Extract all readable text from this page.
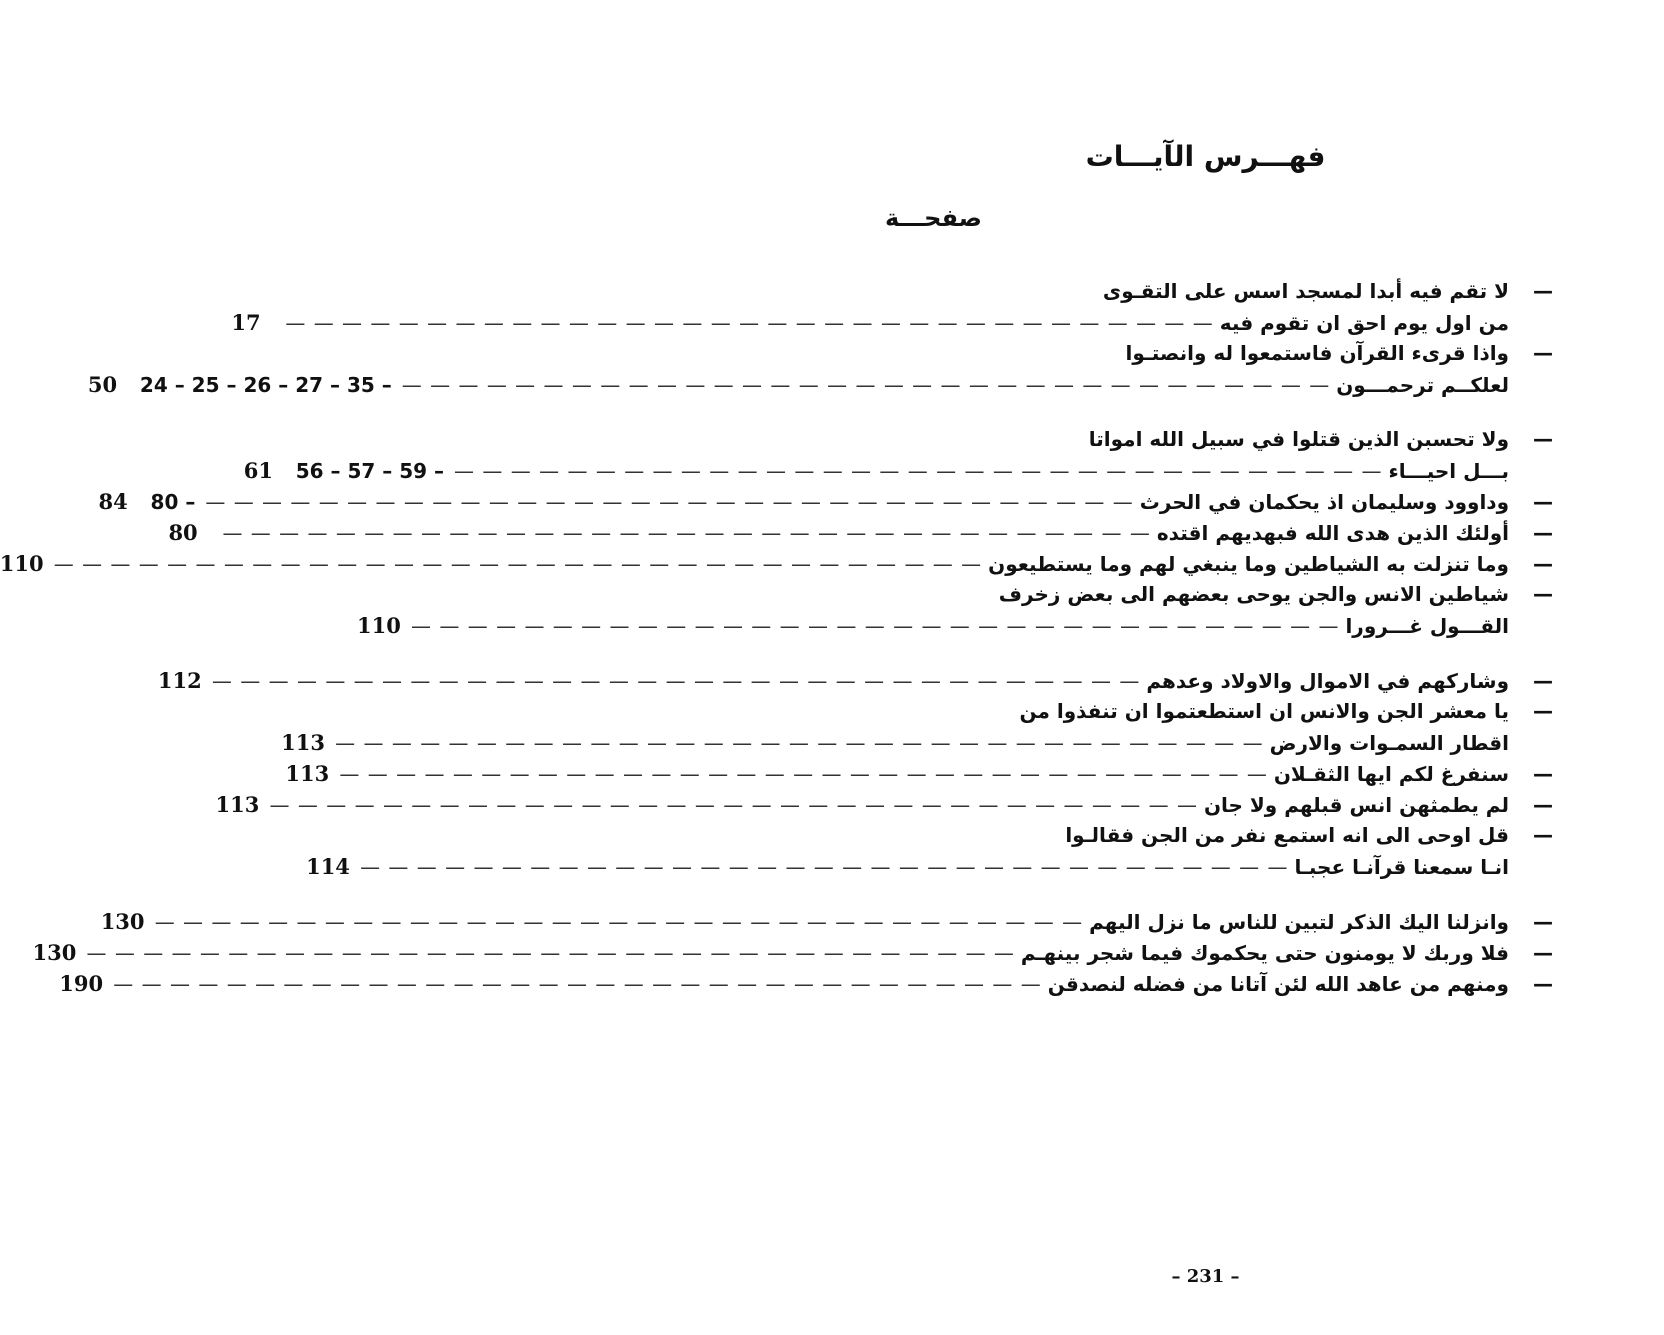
فهـــرس الآيـــات
صفحـــة
—
لا تقم فيه أبدا لمسجد اسس على التقـوى
من اول يوم احق ان تقوم فيه
— — — — — — — — — — — — — — — — — — — — — — — — — — — — — — — — —
17
—
واذا قرىء القرآن فاستمعوا له وانصتـوا
لعلكــم ترحمـــون
— — — — — — — — — — — — — — — — — — — — — — — — — — — — — — — — —
24 – 25 – 26 – 27 – 35 –
50
—
ولا تحسبن الذين قتلوا في سبيل الله امواتا
بـــل احيـــاء
— — — — — — — — — — — — — — — — — — — — — — — — — — — — — — — — —
56 – 57 – 59 –
61
—
وداوود وسليمان اذ يحكمان في الحرث
— — — — — — — — — — — — — — — — — — — — — — — — — — — — — — — — —
80 –
84
—
أولئك الذين هدى الله فبهديهم اقتده
— — — — — — — — — — — — — — — — — — — — — — — — — — — — — — — — —
80
—
وما تنزلت به الشياطين وما ينبغي لهم وما يستطيعون
— — — — — — — — — — — — — — — — — — — — — — — — — — — — — — — — —
110
—
شياطين الانس والجن يوحى بعضهم الى بعض زخرف
القـــول غـــرورا
— — — — — — — — — — — — — — — — — — — — — — — — — — — — — — — — —
110
—
وشاركهم في الاموال والاولاد وعدهم
— — — — — — — — — — — — — — — — — — — — — — — — — — — — — — — — —
112
—
يا معشر الجن والانس ان استطعتموا ان تنفذوا من
اقطار السمـوات والارض
— — — — — — — — — — — — — — — — — — — — — — — — — — — — — — — — —
113
—
سنفرغ لكم ايها الثقـلان
— — — — — — — — — — — — — — — — — — — — — — — — — — — — — — — — —
113
—
لم يطمثهن انس قبلهم ولا جان
— — — — — — — — — — — — — — — — — — — — — — — — — — — — — — — — —
113
—
قل اوحى الى انه استمع نفر من الجن فقالـوا
انـا سمعنا قرآنـا عجبـا
— — — — — — — — — — — — — — — — — — — — — — — — — — — — — — — — —
114
—
وانزلنا اليك الذكر لتبين للناس ما نزل اليهم
— — — — — — — — — — — — — — — — — — — — — — — — — — — — — — — — —
130
—
فلا وربك لا يومنون حتى يحكموك فيما شجر بينهـم
— — — — — — — — — — — — — — — — — — — — — — — — — — — — — — — — —
130
—
ومنهم من عاهد الله لئن آتانا من فضله لنصدقن
— — — — — — — — — — — — — — — — — — — — — — — — — — — — — — — — —
190
– 231 –
